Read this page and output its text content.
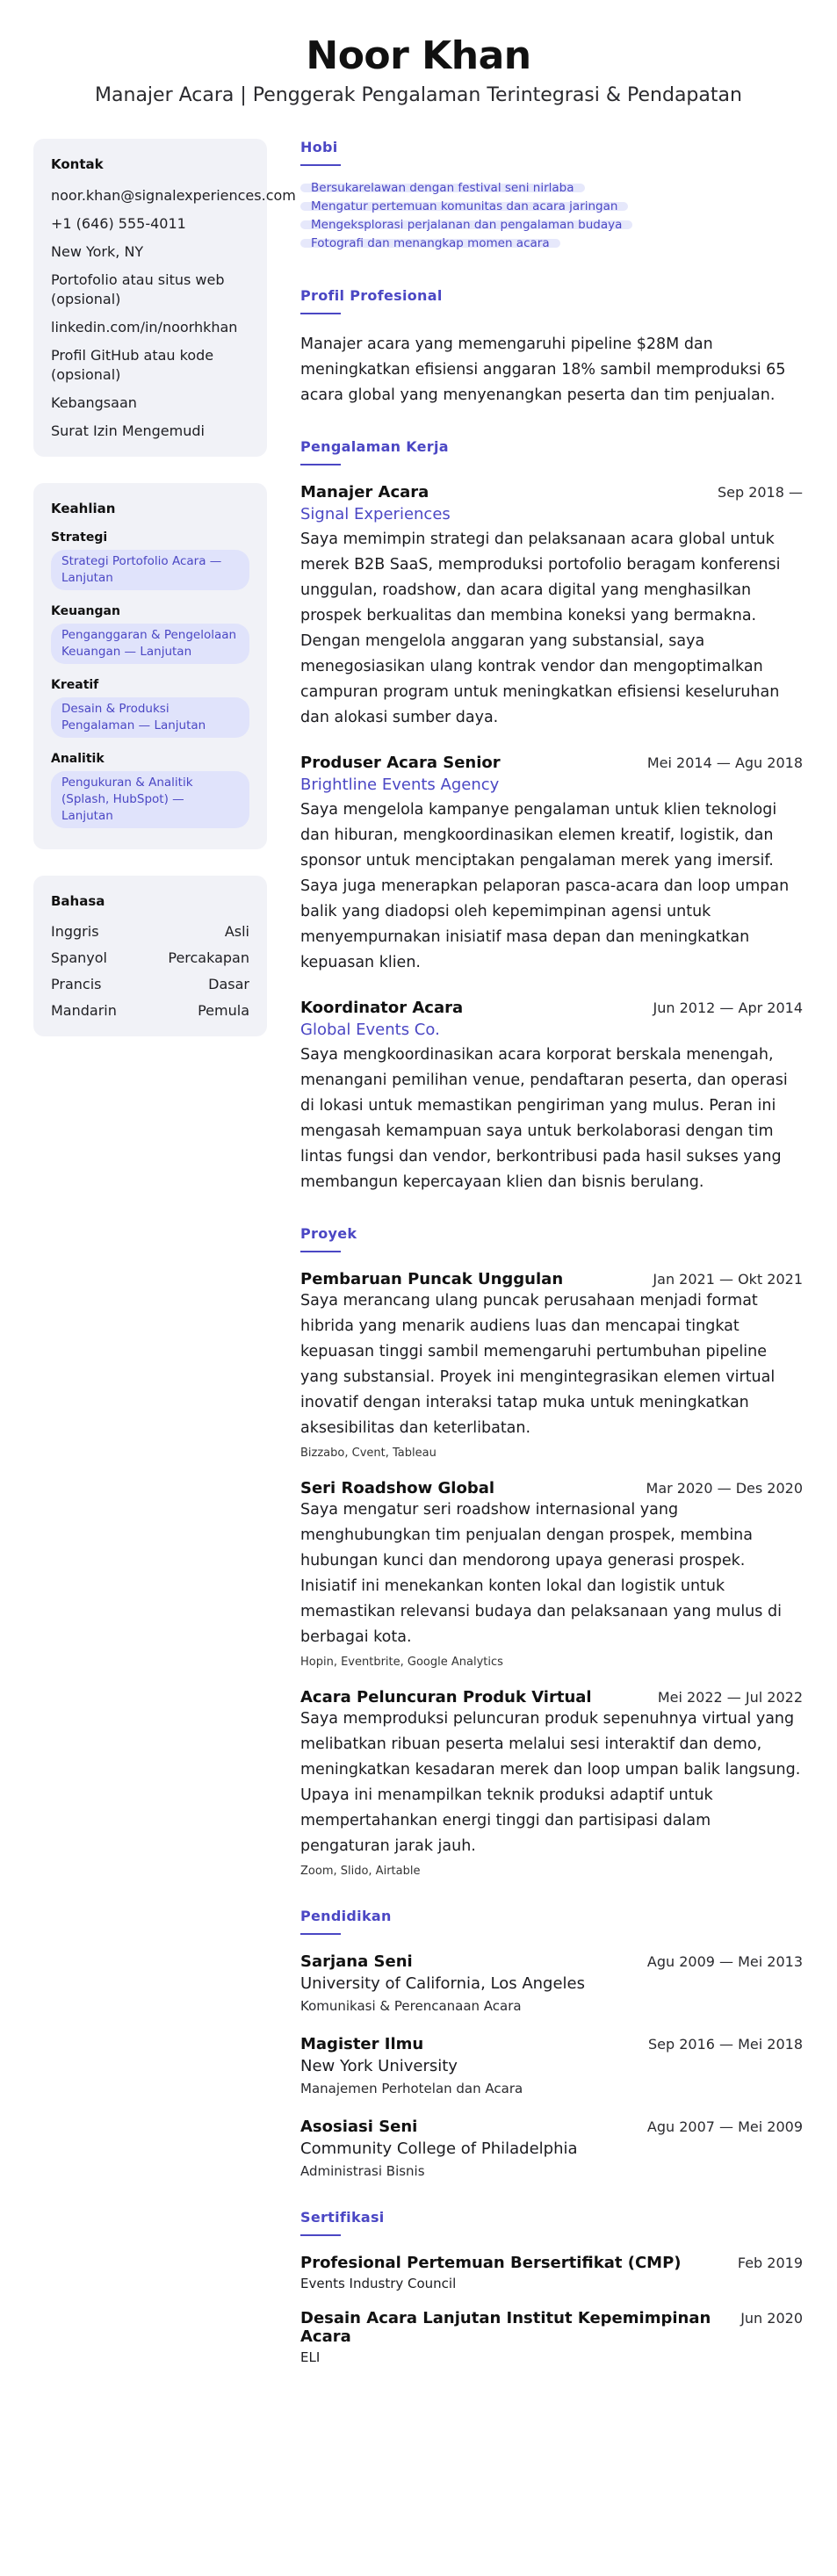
Noor Khan
Manajer Acara | Penggerak Pengalaman Terintegrasi & Pendapatan
Kontak
noor.khan@signalexperiences.com
+1 (646) 555-4011
New York, NY
Portofolio atau situs web (opsional)
linkedin.com/in/noorhkhan
Profil GitHub atau kode (opsional)
Kebangsaan
Surat Izin Mengemudi
Keahlian
Strategi
Strategi Portofolio Acara — Lanjutan
Keuangan
Penganggaran & Pengelolaan Keuangan — Lanjutan
Kreatif
Desain & Produksi Pengalaman — Lanjutan
Analitik
Pengukuran & Analitik (Splash, HubSpot) — Lanjutan
Bahasa
Inggris	Asli
Spanyol	Percakapan
Prancis	Dasar
Mandarin	Pemula
Hobi
Bersukarelawan dengan festival seni nirlaba
Mengatur pertemuan komunitas dan acara jaringan
Mengeksplorasi perjalanan dan pengalaman budaya
Fotografi dan menangkap momen acara
Profil Profesional
Manajer acara yang memengaruhi pipeline $28M dan meningkatkan efisiensi anggaran 18% sambil memproduksi 65 acara global yang menyenangkan peserta dan tim penjualan.
Pengalaman Kerja
Manajer Acara	Sep 2018 —
Signal Experiences
Saya memimpin strategi dan pelaksanaan acara global untuk merek B2B SaaS, memproduksi portofolio beragam konferensi unggulan, roadshow, dan acara digital yang menghasilkan prospek berkualitas dan membina koneksi yang bermakna. Dengan mengelola anggaran yang substansial, saya menegosiasikan ulang kontrak vendor dan mengoptimalkan campuran program untuk meningkatkan efisiensi keseluruhan dan alokasi sumber daya.
Produser Acara Senior	Mei 2014 — Agu 2018
Brightline Events Agency
Saya mengelola kampanye pengalaman untuk klien teknologi dan hiburan, mengkoordinasikan elemen kreatif, logistik, dan sponsor untuk menciptakan pengalaman merek yang imersif. Saya juga menerapkan pelaporan pasca-acara dan loop umpan balik yang diadopsi oleh kepemimpinan agensi untuk menyempurnakan inisiatif masa depan dan meningkatkan kepuasan klien.
Koordinator Acara	Jun 2012 — Apr 2014
Global Events Co.
Saya mengkoordinasikan acara korporat berskala menengah, menangani pemilihan venue, pendaftaran peserta, dan operasi di lokasi untuk memastikan pengiriman yang mulus. Peran ini mengasah kemampuan saya untuk berkolaborasi dengan tim lintas fungsi dan vendor, berkontribusi pada hasil sukses yang membangun kepercayaan klien dan bisnis berulang.
Proyek
Pembaruan Puncak Unggulan	Jan 2021 — Okt 2021
Saya merancang ulang puncak perusahaan menjadi format hibrida yang menarik audiens luas dan mencapai tingkat kepuasan tinggi sambil memengaruhi pertumbuhan pipeline yang substansial. Proyek ini mengintegrasikan elemen virtual inovatif dengan interaksi tatap muka untuk meningkatkan aksesibilitas dan keterlibatan.
Bizzabo, Cvent, Tableau
Seri Roadshow Global	Mar 2020 — Des 2020
Saya mengatur seri roadshow internasional yang menghubungkan tim penjualan dengan prospek, membina hubungan kunci dan mendorong upaya generasi prospek. Inisiatif ini menekankan konten lokal dan logistik untuk memastikan relevansi budaya dan pelaksanaan yang mulus di berbagai kota.
Hopin, Eventbrite, Google Analytics
Acara Peluncuran Produk Virtual	Mei 2022 — Jul 2022
Saya memproduksi peluncuran produk sepenuhnya virtual yang melibatkan ribuan peserta melalui sesi interaktif dan demo, meningkatkan kesadaran merek dan loop umpan balik langsung. Upaya ini menampilkan teknik produksi adaptif untuk mempertahankan energi tinggi dan partisipasi dalam pengaturan jarak jauh.
Zoom, Slido, Airtable
Pendidikan
Sarjana Seni	Agu 2009 — Mei 2013
University of California, Los Angeles
Komunikasi & Perencanaan Acara
Magister Ilmu	Sep 2016 — Mei 2018
New York University
Manajemen Perhotelan dan Acara
Asosiasi Seni	Agu 2007 — Mei 2009
Community College of Philadelphia
Administrasi Bisnis
Sertifikasi
Profesional Pertemuan Bersertifikat (CMP)	Feb 2019
Events Industry Council
Desain Acara Lanjutan Institut Kepemimpinan Acara
Jun 2020
ELI
